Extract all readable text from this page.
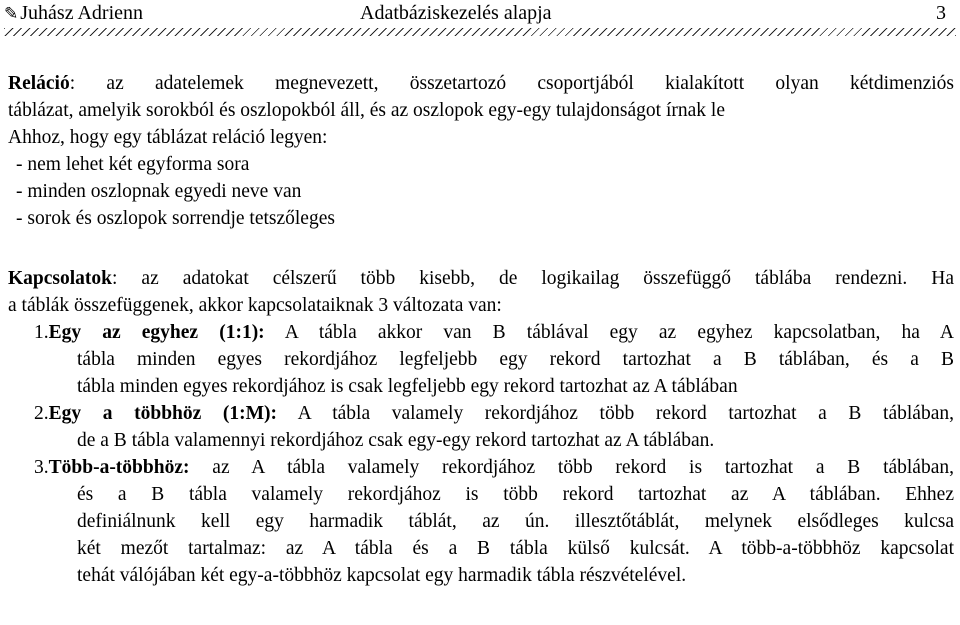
✎ Juhász Adrienn	Adatbáziskezelés alapja	3
Reláció: az adatelemek megnevezett, összetartozó csoportjából kialakított olyan kétdimenziós
táblázat, amelyik sorokból és oszlopokból áll, és az oszlopok egy-egy tulajdonságot írnak le
Ahhoz, hogy egy táblázat reláció legyen:
- nem lehet két egyforma sora
- minden oszlopnak egyedi neve van
- sorok és oszlopok sorrendje tetszőleges
Kapcsolatok: az adatokat célszerű több kisebb, de logikailag összefüggő táblába rendezni. Ha
a táblák összefüggenek, akkor kapcsolataiknak 3 változata van:
1.Egy az egyhez (1:1): A tábla akkor van B táblával egy az egyhez kapcsolatban, ha A
tábla minden egyes rekordjához legfeljebb egy rekord tartozhat a B táblában, és a B
tábla minden egyes rekordjához is csak legfeljebb egy rekord tartozhat az A táblában
2.Egy a többhöz (1:M): A tábla valamely rekordjához több rekord tartozhat a B táblában,
de a B tábla valamennyi rekordjához csak egy-egy rekord tartozhat az A táblában.
3.Több-a-többhöz: az A tábla valamely rekordjához több rekord is tartozhat a B táblában,
és a B tábla valamely rekordjához is több rekord tartozhat az A táblában. Ehhez
definiálnunk kell egy harmadik táblát, az ún. illesztőtáblát, melynek elsődleges kulcsa
két mezőt tartalmaz: az A tábla és a B tábla külső kulcsát. A több-a-többhöz kapcsolat
tehát válójában két egy-a-többhöz kapcsolat egy harmadik tábla részvételével.
